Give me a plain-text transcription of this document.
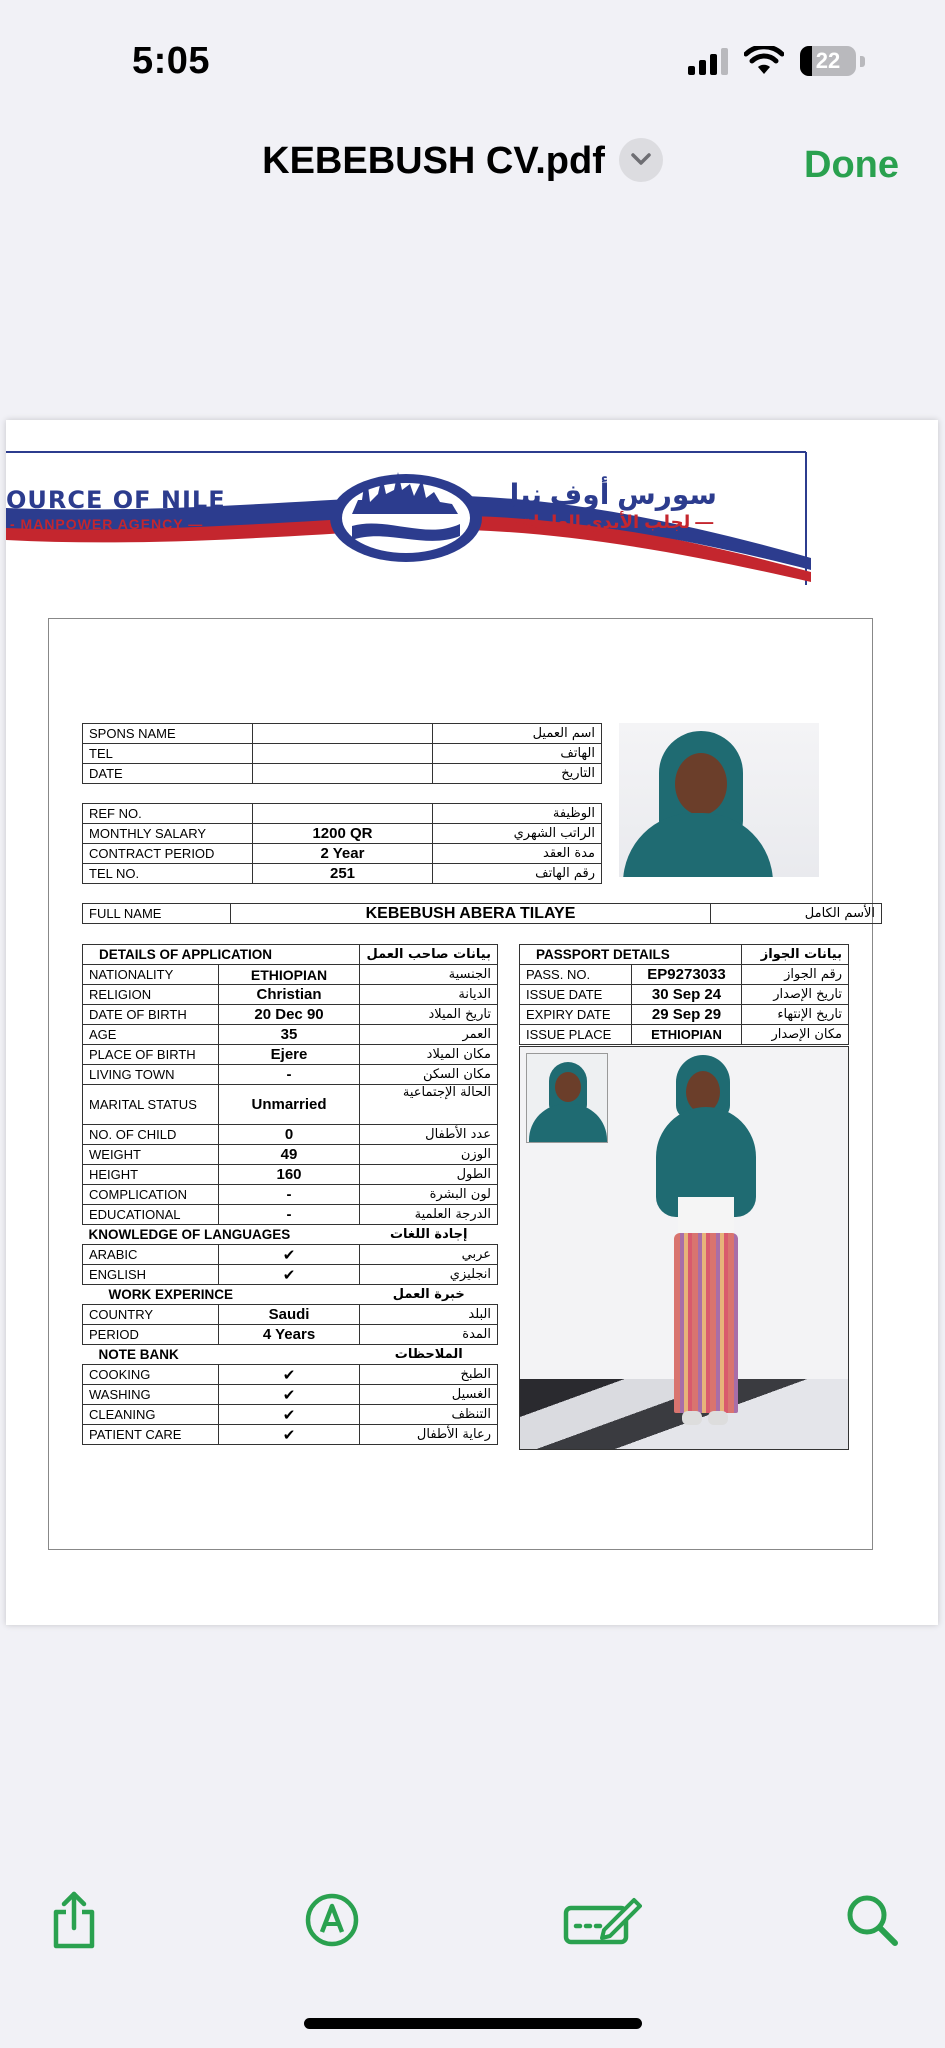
5:05	22
KEBEBUSH CV.pdf	Done
OURCE OF NILE
- MANPOWER AGENCY —
سورس أوف نيل
— لجلب الأيدي العاملة —
SPONS NAME		اسم العميل
TEL		الهاتف
DATE		التاريخ
REF NO.		الوظيفة
MONTHLY SALARY	1200 QR	الراتب الشهري
CONTRACT PERIOD	2 Year	مدة العقد
TEL NO.	251	رقم الهاتف
FULL NAME	KEBEBUSH ABERA TILAYE	الأسم الكامل
DETAILS OF APPLICATION		بيانات صاحب العمل
NATIONALITY	ETHIOPIAN	الجنسية
RELIGION	Christian	الديانة
DATE OF BIRTH	20 Dec 90	تاريخ الميلاد
AGE	35	العمر
PLACE OF BIRTH	Ejere	مكان الميلاد
LIVING TOWN	-	مكان السكن
MARITAL STATUS	Unmarried	الحالة الإجتماعية
NO. OF CHILD	0	عدد الأطفال
WEIGHT	49	الوزن
HEIGHT	160	الطول
COMPLICATION	-	لون البشرة
EDUCATIONAL	-	الدرجة العلمية
KNOWLEDGE OF LANGUAGES		إجادة اللغات
ARABIC	✔	عربي
ENGLISH	✔	انجليزي
WORK EXPERINCE		خبرة العمل
COUNTRY	Saudi	البلد
PERIOD	4 Years	المدة
NOTE BANK		الملاحظات
COOKING	✔	الطبخ
WASHING	✔	الغسيل
CLEANING	✔	التنظف
PATIENT CARE	✔	رعاية الأطفال
PASSPORT DETAILS		بيانات الجواز
PASS. NO.	EP9273033	رقم الجواز
ISSUE DATE	30 Sep 24	تاريخ الإصدار
EXPIRY DATE	29 Sep 29	تاريخ الإنتهاء
ISSUE PLACE	ETHIOPIAN	مكان الإصدار
